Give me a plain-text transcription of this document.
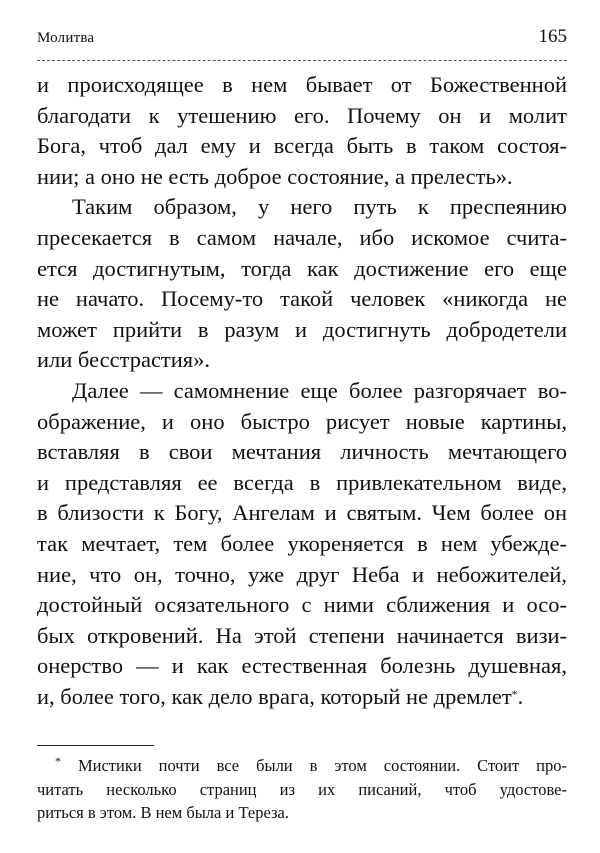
Молитва	165
и происходящее в нем бывает от Божественной
благодати к утешению его. Почему он и молит
Бога, чтоб дал ему и всегда быть в таком состоя-
нии; а оно не есть доброе состояние, а прелесть».
Таким образом, у него путь к преспеянию
пресекается в самом начале, ибо искомое счита-
ется достигнутым, тогда как достижение его еще
не начато. Посему-то такой человек «никогда не
может прийти в разум и достигнуть добродетели
или бесстрастия».
Далее — самомнение еще более разгорячает во-
ображение, и оно быстро рисует новые картины,
вставляя в свои мечтания личность мечтающего
и представляя ее всегда в привлекательном виде,
в близости к Богу, Ангелам и святым. Чем более он
так мечтает, тем более укореняется в нем убежде-
ние, что он, точно, уже друг Неба и небожителей,
достойный осязательного с ними сближения и осо-
бых откровений. На этой степени начинается визи-
онерство — и как естественная болезнь душевная,
и, более того, как дело врага, который не дремлет*.
* Мистики почти все были в этом состоянии. Стоит про-
читать несколько страниц из их писаний, чтоб удостове-
риться в этом. В нем была и Тереза.
